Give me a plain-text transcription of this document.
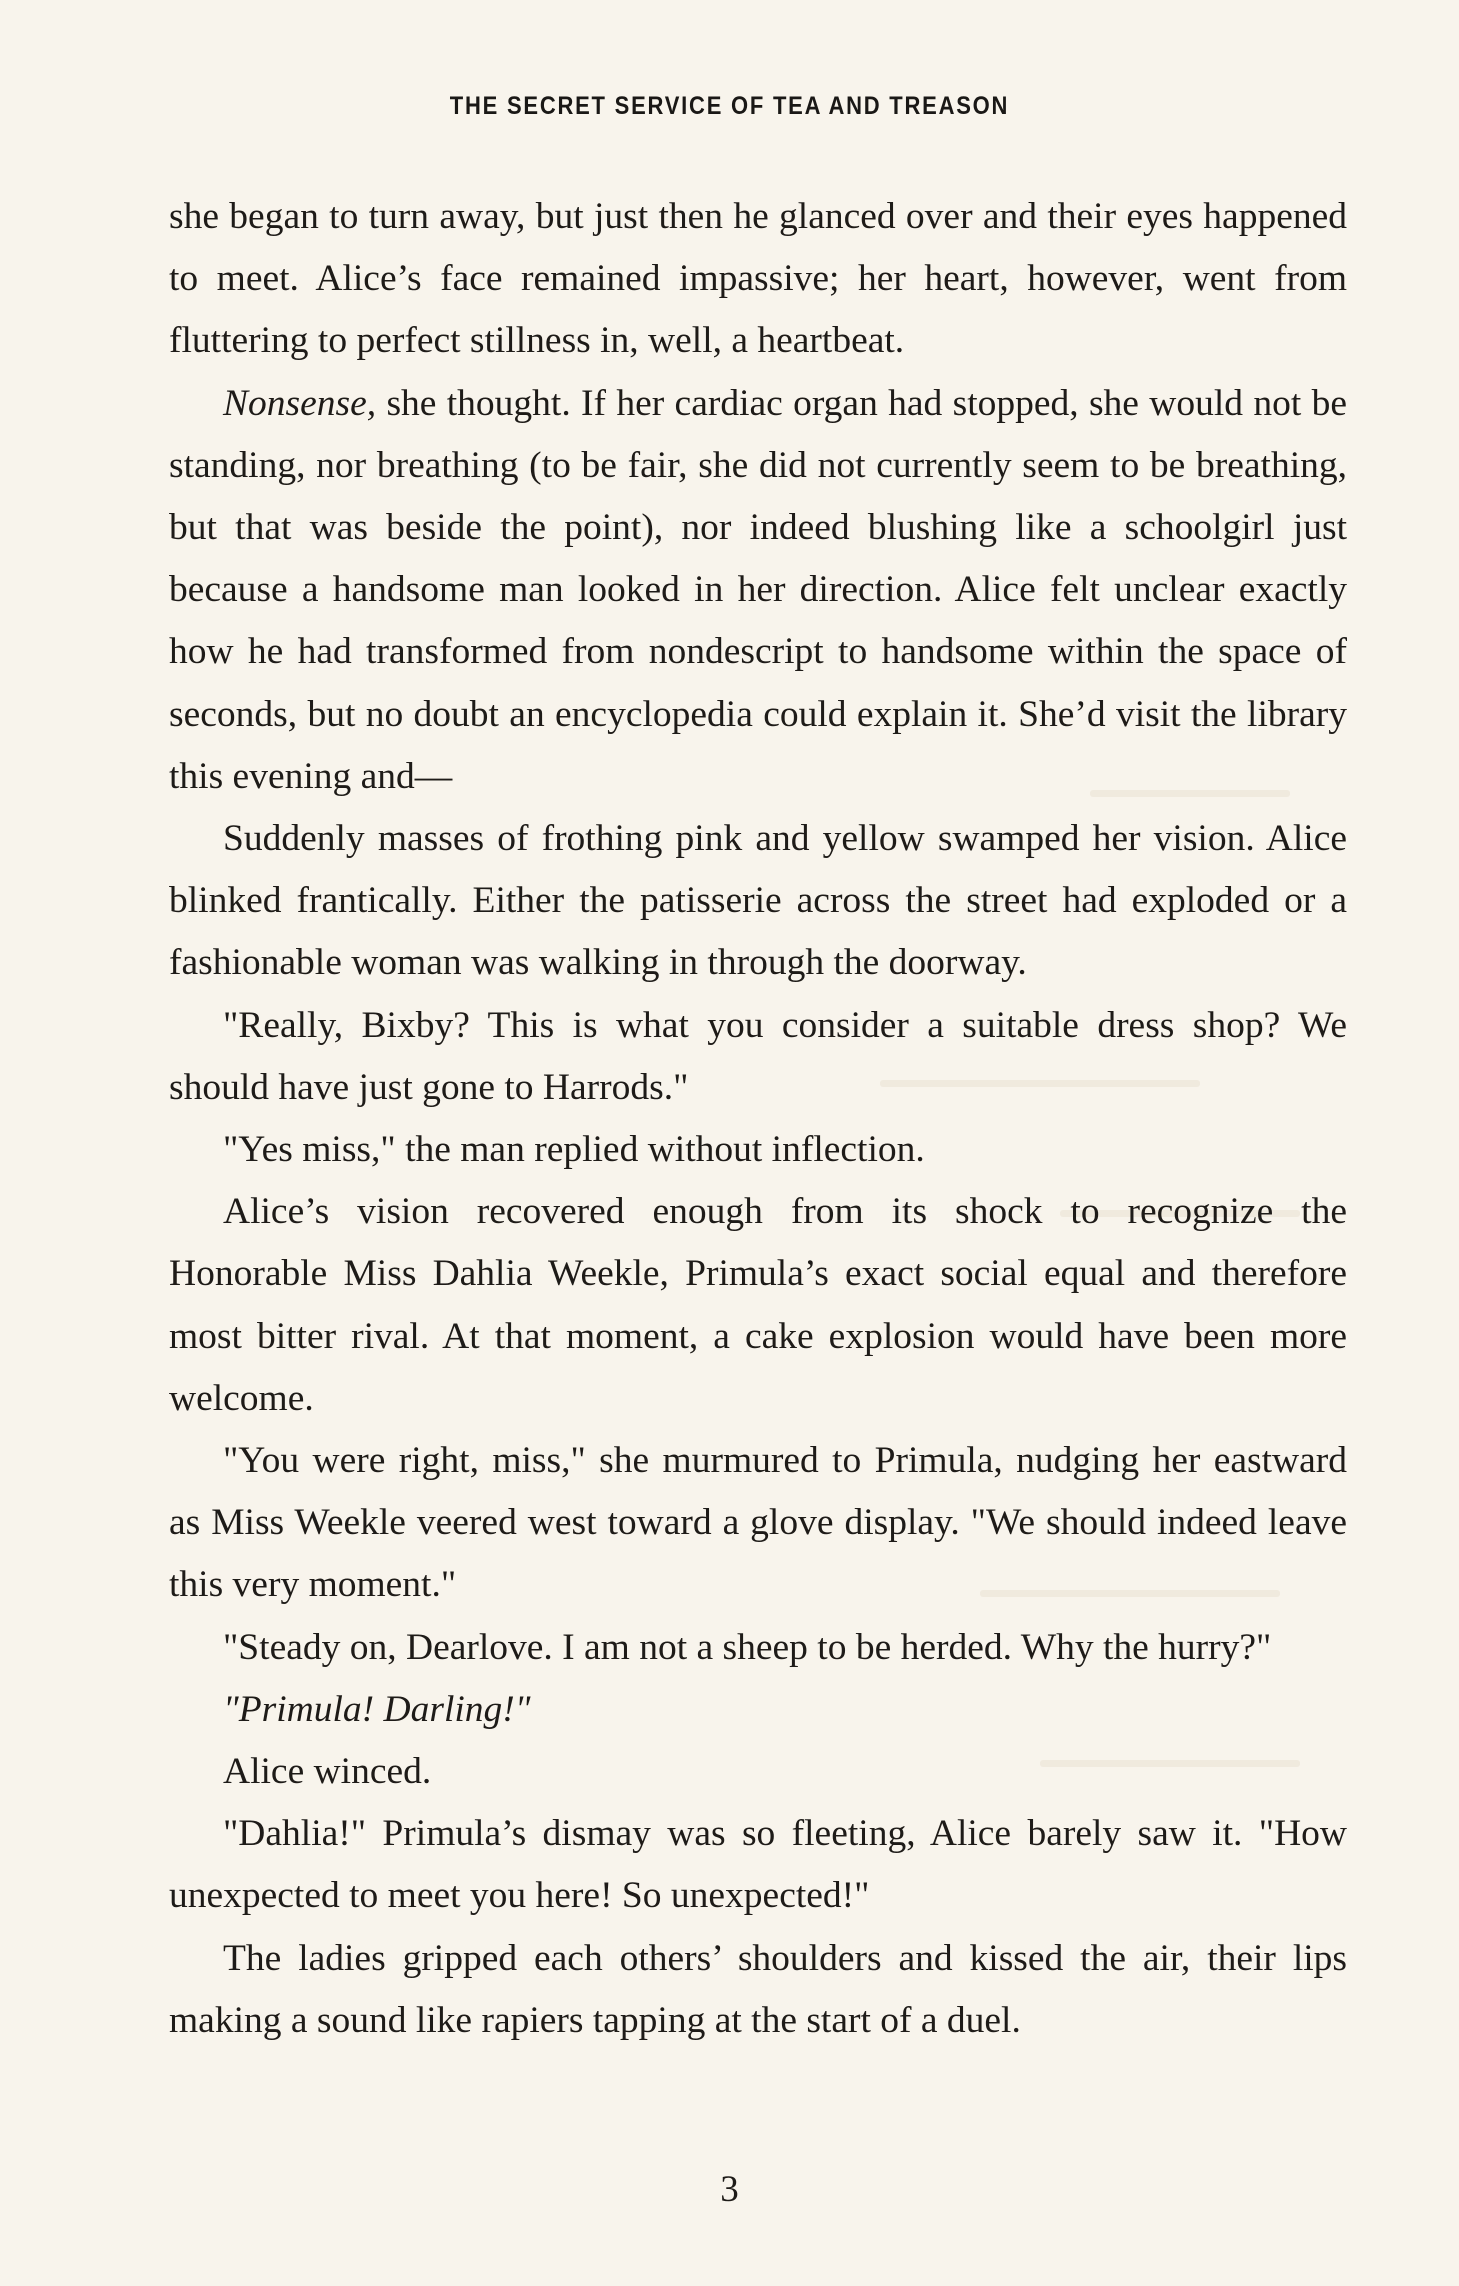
THE SECRET SERVICE OF TEA AND TREASON

she began to turn away, but just then he glanced over and their eyes happened to meet. Alice’s face remained impassive; her heart, however, went from fluttering to perfect stillness in, well, a heartbeat.

Nonsense, she thought. If her cardiac organ had stopped, she would not be standing, nor breathing (to be fair, she did not currently seem to be breathing, but that was beside the point), nor indeed blushing like a schoolgirl just because a handsome man looked in her direction. Alice felt unclear exactly how he had transformed from nondescript to handsome within the space of seconds, but no doubt an encyclopedia could explain it. She’d visit the library this evening and—

Suddenly masses of frothing pink and yellow swamped her vision. Alice blinked frantically. Either the patisserie across the street had exploded or a fashionable woman was walking in through the doorway.

"Really, Bixby? This is what you consider a suitable dress shop? We should have just gone to Harrods."

"Yes miss," the man replied without inflection.

Alice’s vision recovered enough from its shock to recognize the Honorable Miss Dahlia Weekle, Primula’s exact social equal and therefore most bitter rival. At that moment, a cake explosion would have been more welcome.

"You were right, miss," she murmured to Primula, nudging her eastward as Miss Weekle veered west toward a glove display. "We should indeed leave this very moment."

"Steady on, Dearlove. I am not a sheep to be herded. Why the hurry?"

"Primula! Darling!"

Alice winced.

"Dahlia!" Primula’s dismay was so fleeting, Alice barely saw it. "How unexpected to meet you here! So unexpected!"

The ladies gripped each others’ shoulders and kissed the air, their lips making a sound like rapiers tapping at the start of a duel.

3
